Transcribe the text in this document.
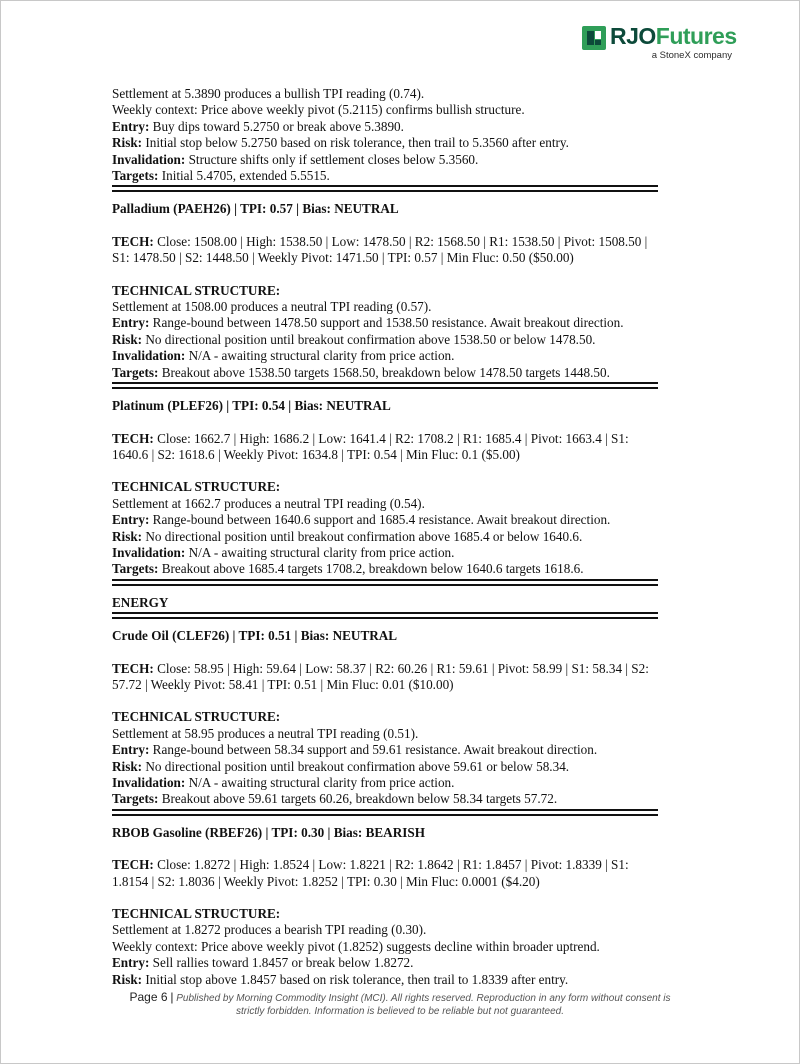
RJOFutures
a StoneX company
Settlement at 5.3890 produces a bullish TPI reading (0.74).
Weekly context: Price above weekly pivot (5.2115) confirms bullish structure.
Entry: Buy dips toward 5.2750 or break above 5.3890.
Risk: Initial stop below 5.2750 based on risk tolerance, then trail to 5.3560 after entry.
Invalidation: Structure shifts only if settlement closes below 5.3560.
Targets: Initial 5.4705, extended 5.5515.
Palladium (PAEH26) | TPI: 0.57 | Bias: NEUTRAL
TECH: Close: 1508.00 | High: 1538.50 | Low: 1478.50 | R2: 1568.50 | R1: 1538.50 | Pivot: 1508.50 | S1: 1478.50 | S2: 1448.50 | Weekly Pivot: 1471.50 | TPI: 0.57 | Min Fluc: 0.50 ($50.00)
TECHNICAL STRUCTURE:
Settlement at 1508.00 produces a neutral TPI reading (0.57).
Entry: Range-bound between 1478.50 support and 1538.50 resistance. Await breakout direction.
Risk: No directional position until breakout confirmation above 1538.50 or below 1478.50.
Invalidation: N/A - awaiting structural clarity from price action.
Targets: Breakout above 1538.50 targets 1568.50, breakdown below 1478.50 targets 1448.50.
Platinum (PLEF26) | TPI: 0.54 | Bias: NEUTRAL
TECH: Close: 1662.7 | High: 1686.2 | Low: 1641.4 | R2: 1708.2 | R1: 1685.4 | Pivot: 1663.4 | S1: 1640.6 | S2: 1618.6 | Weekly Pivot: 1634.8 | TPI: 0.54 | Min Fluc: 0.1 ($5.00)
TECHNICAL STRUCTURE:
Settlement at 1662.7 produces a neutral TPI reading (0.54).
Entry: Range-bound between 1640.6 support and 1685.4 resistance. Await breakout direction.
Risk: No directional position until breakout confirmation above 1685.4 or below 1640.6.
Invalidation: N/A - awaiting structural clarity from price action.
Targets: Breakout above 1685.4 targets 1708.2, breakdown below 1640.6 targets 1618.6.
ENERGY
Crude Oil (CLEF26) | TPI: 0.51 | Bias: NEUTRAL
TECH: Close: 58.95 | High: 59.64 | Low: 58.37 | R2: 60.26 | R1: 59.61 | Pivot: 58.99 | S1: 58.34 | S2: 57.72 | Weekly Pivot: 58.41 | TPI: 0.51 | Min Fluc: 0.01 ($10.00)
TECHNICAL STRUCTURE:
Settlement at 58.95 produces a neutral TPI reading (0.51).
Entry: Range-bound between 58.34 support and 59.61 resistance. Await breakout direction.
Risk: No directional position until breakout confirmation above 59.61 or below 58.34.
Invalidation: N/A - awaiting structural clarity from price action.
Targets: Breakout above 59.61 targets 60.26, breakdown below 58.34 targets 57.72.
RBOB Gasoline (RBEF26) | TPI: 0.30 | Bias: BEARISH
TECH: Close: 1.8272 | High: 1.8524 | Low: 1.8221 | R2: 1.8642 | R1: 1.8457 | Pivot: 1.8339 | S1: 1.8154 | S2: 1.8036 | Weekly Pivot: 1.8252 | TPI: 0.30 | Min Fluc: 0.0001 ($4.20)
TECHNICAL STRUCTURE:
Settlement at 1.8272 produces a bearish TPI reading (0.30).
Weekly context: Price above weekly pivot (1.8252) suggests decline within broader uptrend.
Entry: Sell rallies toward 1.8457 or break below 1.8272.
Risk: Initial stop above 1.8457 based on risk tolerance, then trail to 1.8339 after entry.
Page 6 | Published by Morning Commodity Insight (MCI). All rights reserved. Reproduction in any form without consent is
strictly forbidden. Information is believed to be reliable but not guaranteed.
